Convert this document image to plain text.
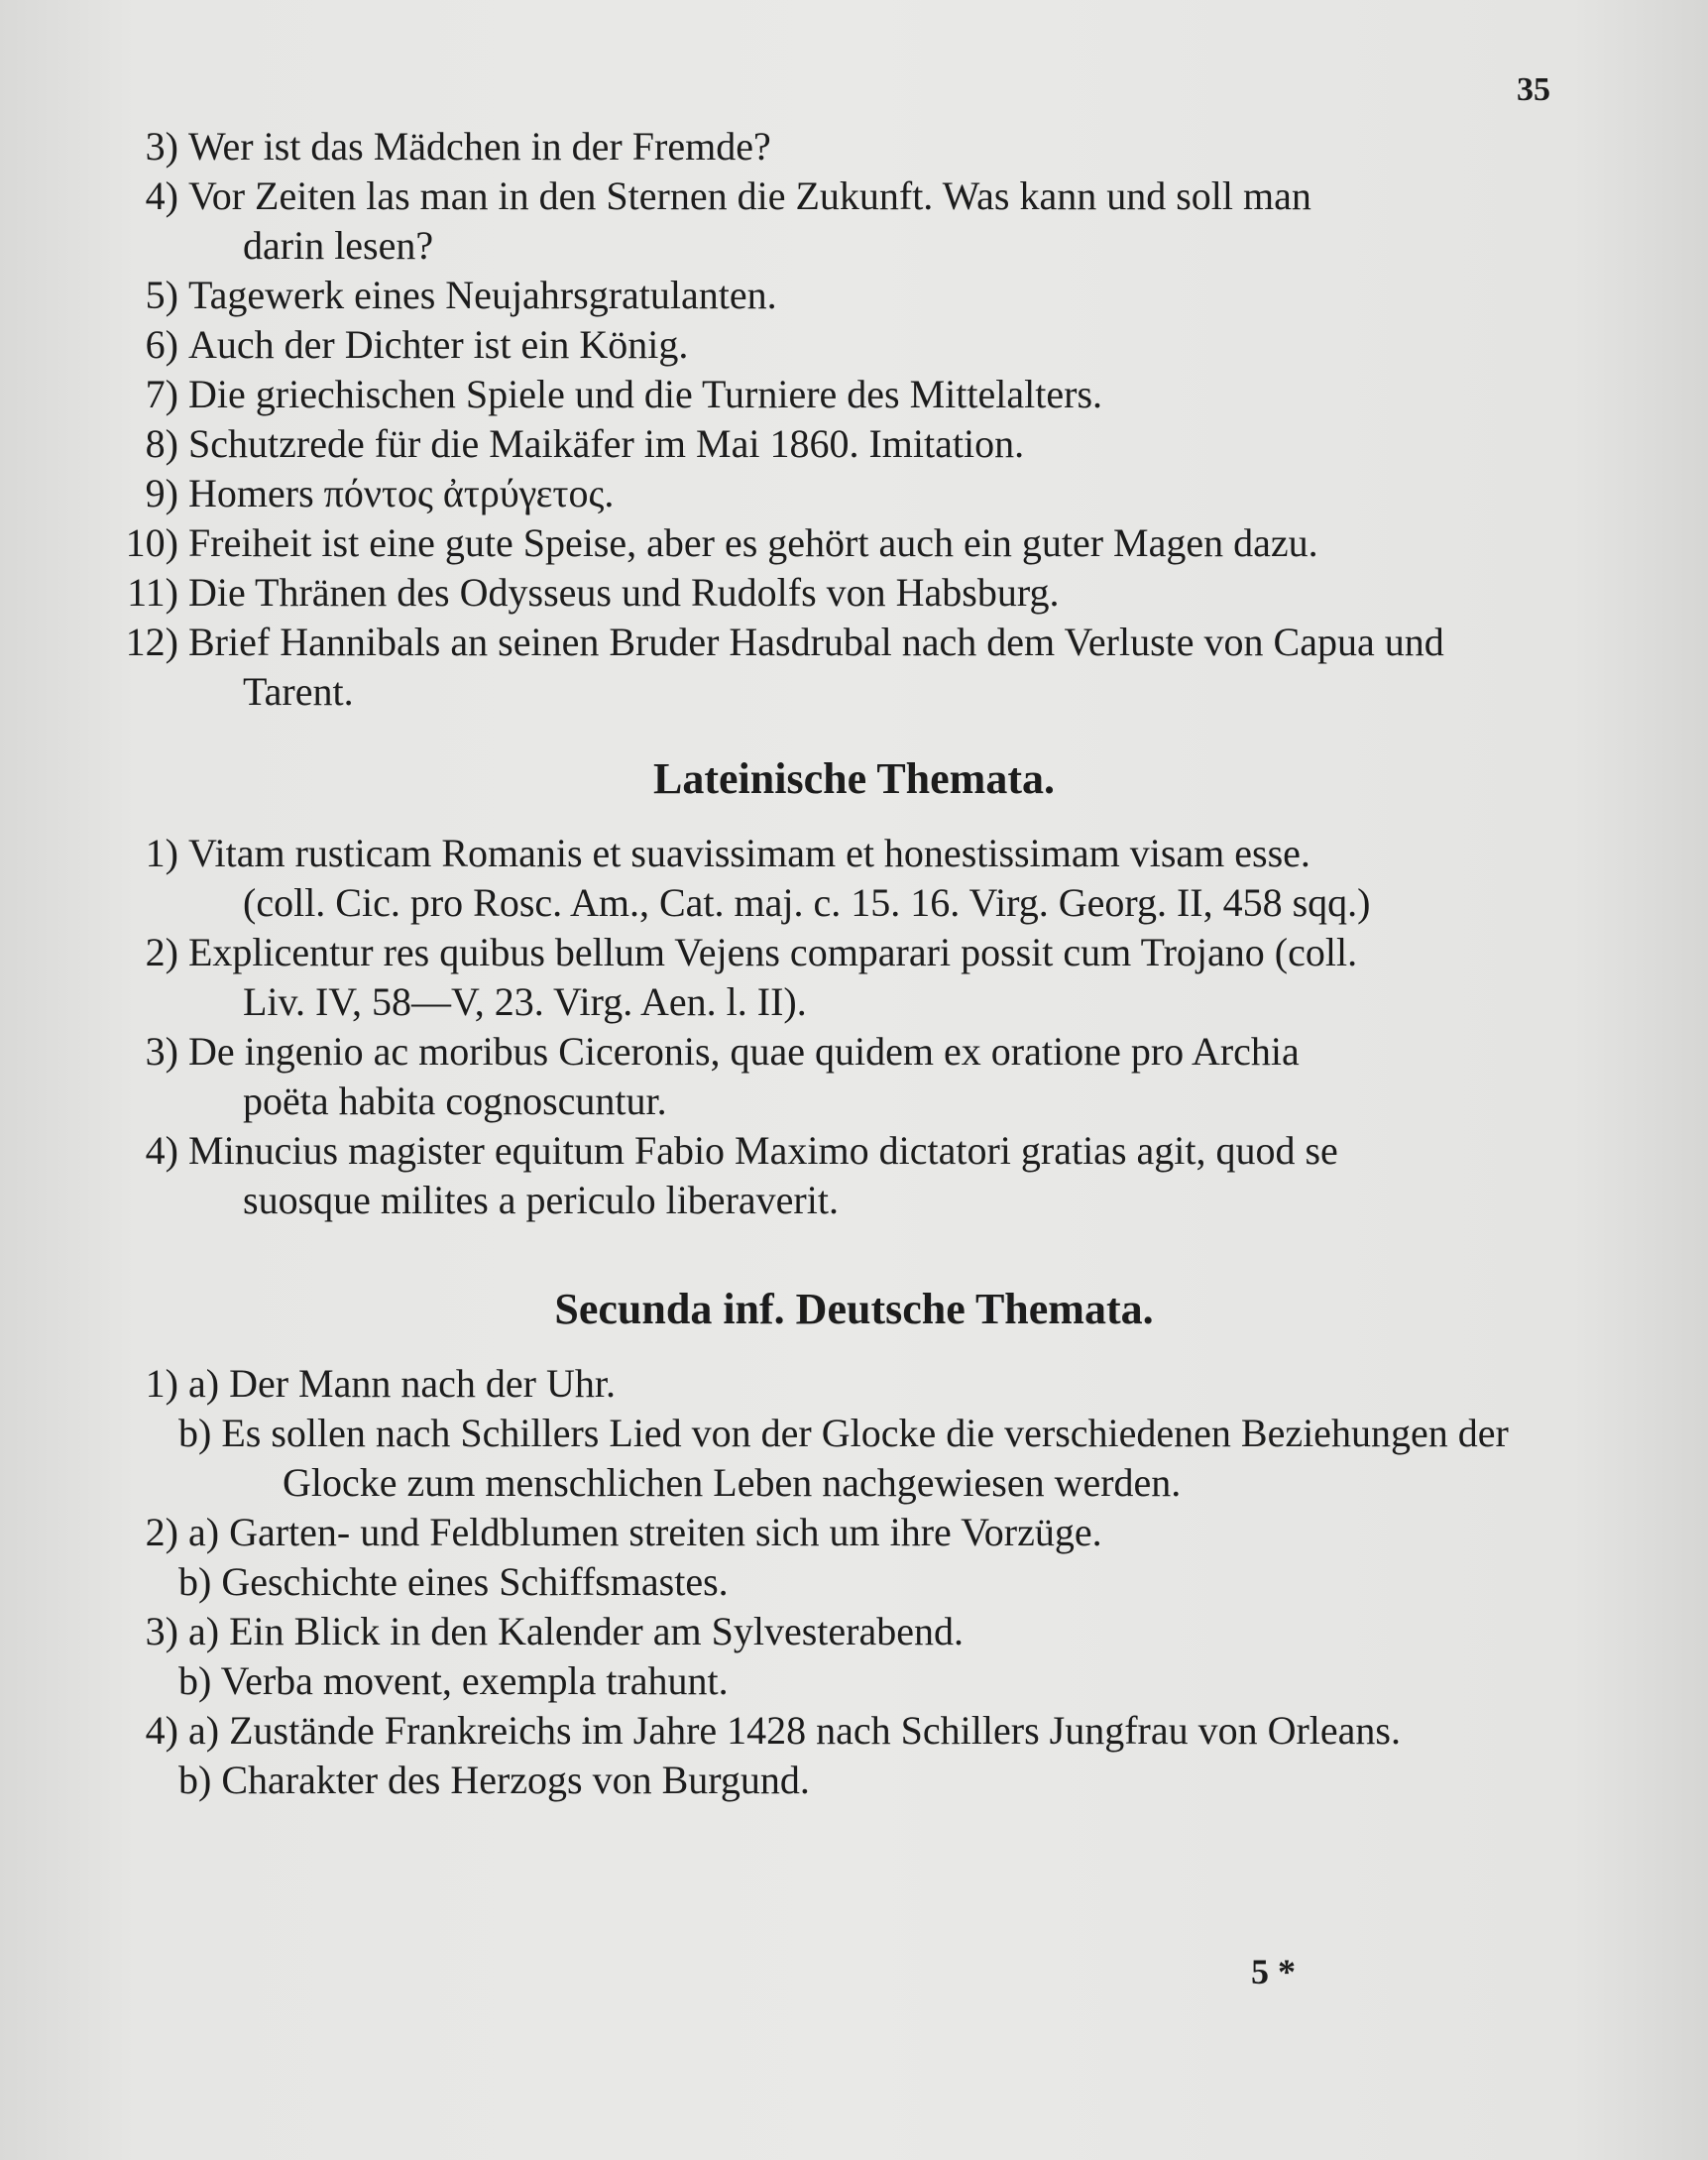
35
3) Wer ist das Mädchen in der Fremde?
4) Vor Zeiten las man in den Sternen die Zukunft. Was kann und soll man
darin lesen?
5) Tagewerk eines Neujahrsgratulanten.
6) Auch der Dichter ist ein König.
7) Die griechischen Spiele und die Turniere des Mittelalters.
8) Schutzrede für die Maikäfer im Mai 1860. Imitation.
9) Homers πόντος ἀτρύγετος.
10) Freiheit ist eine gute Speise, aber es gehört auch ein guter Magen dazu.
11) Die Thränen des Odysseus und Rudolfs von Habsburg.
12) Brief Hannibals an seinen Bruder Hasdrubal nach dem Verluste von Capua und
Tarent.
Lateinische Themata.
1) Vitam rusticam Romanis et suavissimam et honestissimam visam esse.
(coll. Cic. pro Rosc. Am., Cat. maj. c. 15. 16. Virg. Georg. II, 458 sqq.)
2) Explicentur res quibus bellum Vejens comparari possit cum Trojano (coll.
Liv. IV, 58—V, 23. Virg. Aen. l. II).
3) De ingenio ac moribus Ciceronis, quae quidem ex oratione pro Archia
poëta habita cognoscuntur.
4) Minucius magister equitum Fabio Maximo dictatori gratias agit, quod se
suosque milites a periculo liberaverit.
Secunda inf. Deutsche Themata.
1) a) Der Mann nach der Uhr.
b) Es sollen nach Schillers Lied von der Glocke die verschiedenen Beziehungen der
Glocke zum menschlichen Leben nachgewiesen werden.
2) a) Garten- und Feldblumen streiten sich um ihre Vorzüge.
b) Geschichte eines Schiffsmastes.
3) a) Ein Blick in den Kalender am Sylvesterabend.
b) Verba movent, exempla trahunt.
4) a) Zustände Frankreichs im Jahre 1428 nach Schillers Jungfrau von Orleans.
b) Charakter des Herzogs von Burgund.
5 *
